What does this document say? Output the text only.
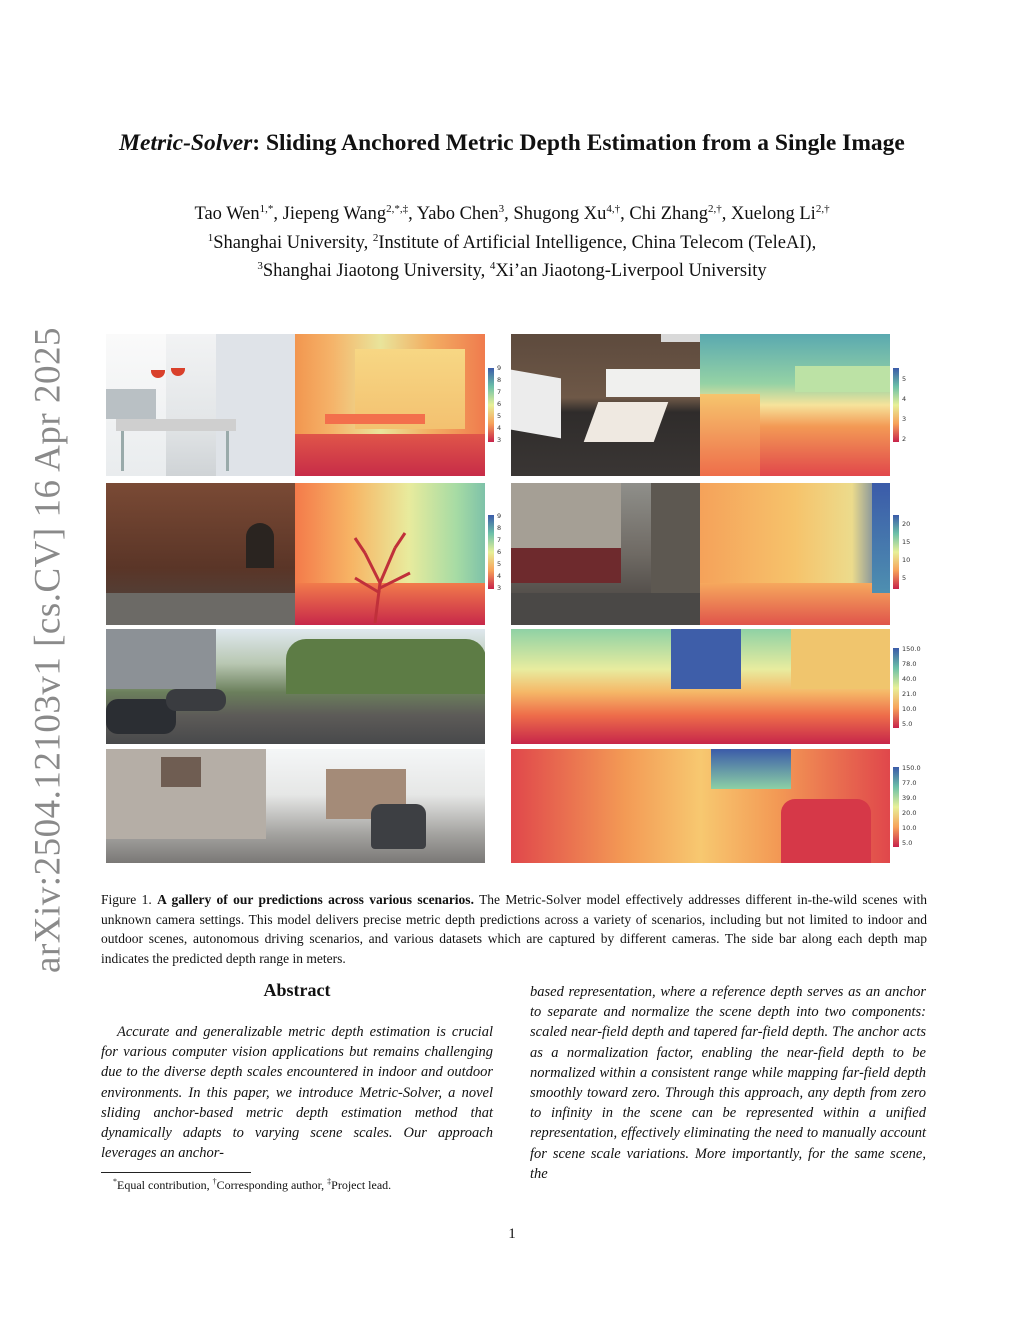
arXiv:2504.12103v1 [cs.CV] 16 Apr 2025
Metric-Solver: Sliding Anchored Metric Depth Estimation from a Single Image
Tao Wen$^{1,*}$, Jiepeng Wang$^{2,*,\ddagger}$, Yabo Chen$^3$, Shugong $Xu^{4,\dagger}$, Chi Zhang$^{2,\dagger}$, Xuelong $Li^{2,\dagger}$
$^1$Shanghai University, $^2$Institute of Artificial Intelligence, China Telecom (TeleAI),
$^3$Shanghai Jiaotong University, $^4$Xi’an Jiaotong-Liverpool University
9
8
7
6
5
4
3
5
4
3
2
9
8
7
6
5
4
3
20
15
10
5
150.0
78.0
40.0
21.0
10.0
5.0
150.0
77.0
39.0
20.0
10.0
5.0
Figure 1. A gallery of our predictions across various scenarios. The Metric-Solver model effectively addresses different in-the-wild scenes with unknown camera settings. This model delivers precise metric depth predictions across a variety of scenarios, including but not limited to indoor and outdoor scenes, autonomous driving scenarios, and various datasets which are captured by different cameras. The side bar along each depth map indicates the predicted depth range in meters.
Abstract
Accurate and generalizable metric depth estimation is crucial for various computer vision applications but remains challenging due to the diverse depth scales encountered in indoor and outdoor environments. In this paper, we introduce Metric-Solver, a novel sliding anchor-based metric depth estimation method that dynamically adapts to varying scene scales. Our approach leverages an anchor-
based representation, where a reference depth serves as an anchor to separate and normalize the scene depth into two components: scaled near-field depth and tapered far-field depth. The anchor acts as a normalization factor, enabling the near-field depth to be normalized within a consistent range while mapping far-field depth smoothly toward zero. Through this approach, any depth from zero to infinity in the scene can be represented within a unified representation, effectively eliminating the need to manually account for scene scale variations. More importantly, for the same scene, the
*Equal contribution, †Corresponding author, ‡Project lead.
1
